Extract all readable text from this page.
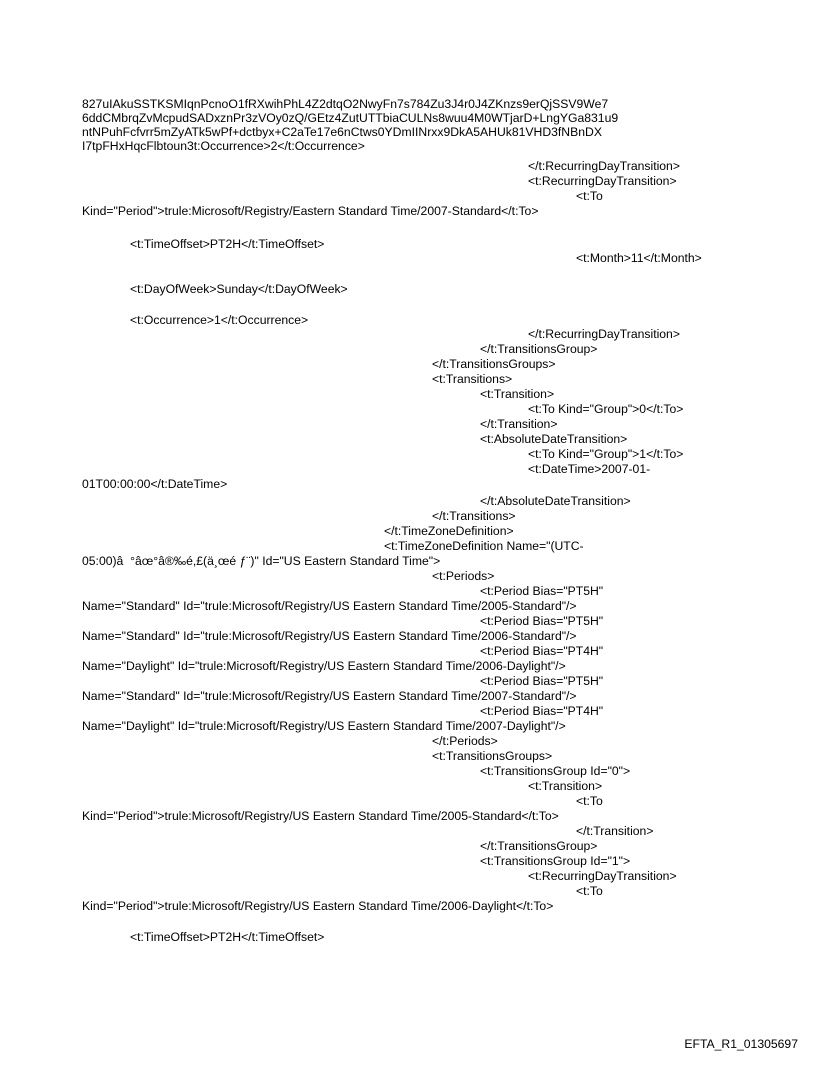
827uIAkuSSTKSMIqnPcnoO1fRXwihPhL4Z2dtqO2NwyFn7s784Zu3J4r0J4ZKnzs9erQjSSV9We7
6ddCMbrqZvMcpudSADxznPr3zVOy0zQ/GEtz4ZutUTTbiaCULNs8wuu4M0WTjarD+LngYGa831u9
ntNPuhFcfvrr5mZyATk5wPf+dctbyx+C2aTe17e6nCtws0YDmIINrxx9DkA5AHUk81VHD3fNBnDX
I7tpFHxHqcFlbtoun3t:Occurrence>2</t:Occurrence>
</t:RecurringDayTransition>
<t:RecurringDayTransition>
<t:To
Kind="Period">trule:Microsoft/Registry/Eastern Standard Time/2007-Standard</t:To>
<t:TimeOffset>PT2H</t:TimeOffset>
<t:Month>11</t:Month>
<t:DayOfWeek>Sunday</t:DayOfWeek>
<t:Occurrence>1</t:Occurrence>
</t:RecurringDayTransition>
</t:TransitionsGroup>
</t:TransitionsGroups>
<t:Transitions>
<t:Transition>
<t:To Kind="Group">0</t:To>
</t:Transition>
<t:AbsoluteDateTransition>
<t:To Kind="Group">1</t:To>
<t:DateTime>2007-01-
01T00:00:00</t:DateTime>
</t:AbsoluteDateTransition>
</t:Transitions>
</t:TimeZoneDefinition>
<t:TimeZoneDefinition Name="(UTC-
05:00)â  °âœ°â®‰é,£(ä¸œé ƒ¨)" Id="US Eastern Standard Time">
<t:Periods>
<t:Period Bias="PT5H"
Name="Standard" Id="trule:Microsoft/Registry/US Eastern Standard Time/2005-Standard"/>
<t:Period Bias="PT5H"
Name="Standard" Id="trule:Microsoft/Registry/US Eastern Standard Time/2006-Standard"/>
<t:Period Bias="PT4H"
Name="Daylight" Id="trule:Microsoft/Registry/US Eastern Standard Time/2006-Daylight"/>
<t:Period Bias="PT5H"
Name="Standard" Id="trule:Microsoft/Registry/US Eastern Standard Time/2007-Standard"/>
<t:Period Bias="PT4H"
Name="Daylight" Id="trule:Microsoft/Registry/US Eastern Standard Time/2007-Daylight"/>
</t:Periods>
<t:TransitionsGroups>
<t:TransitionsGroup Id="0">
<t:Transition>
<t:To
Kind="Period">trule:Microsoft/Registry/US Eastern Standard Time/2005-Standard</t:To>
</t:Transition>
</t:TransitionsGroup>
<t:TransitionsGroup Id="1">
<t:RecurringDayTransition>
<t:To
Kind="Period">trule:Microsoft/Registry/US Eastern Standard Time/2006-Daylight</t:To>
<t:TimeOffset>PT2H</t:TimeOffset>
EFTA_R1_01305697
